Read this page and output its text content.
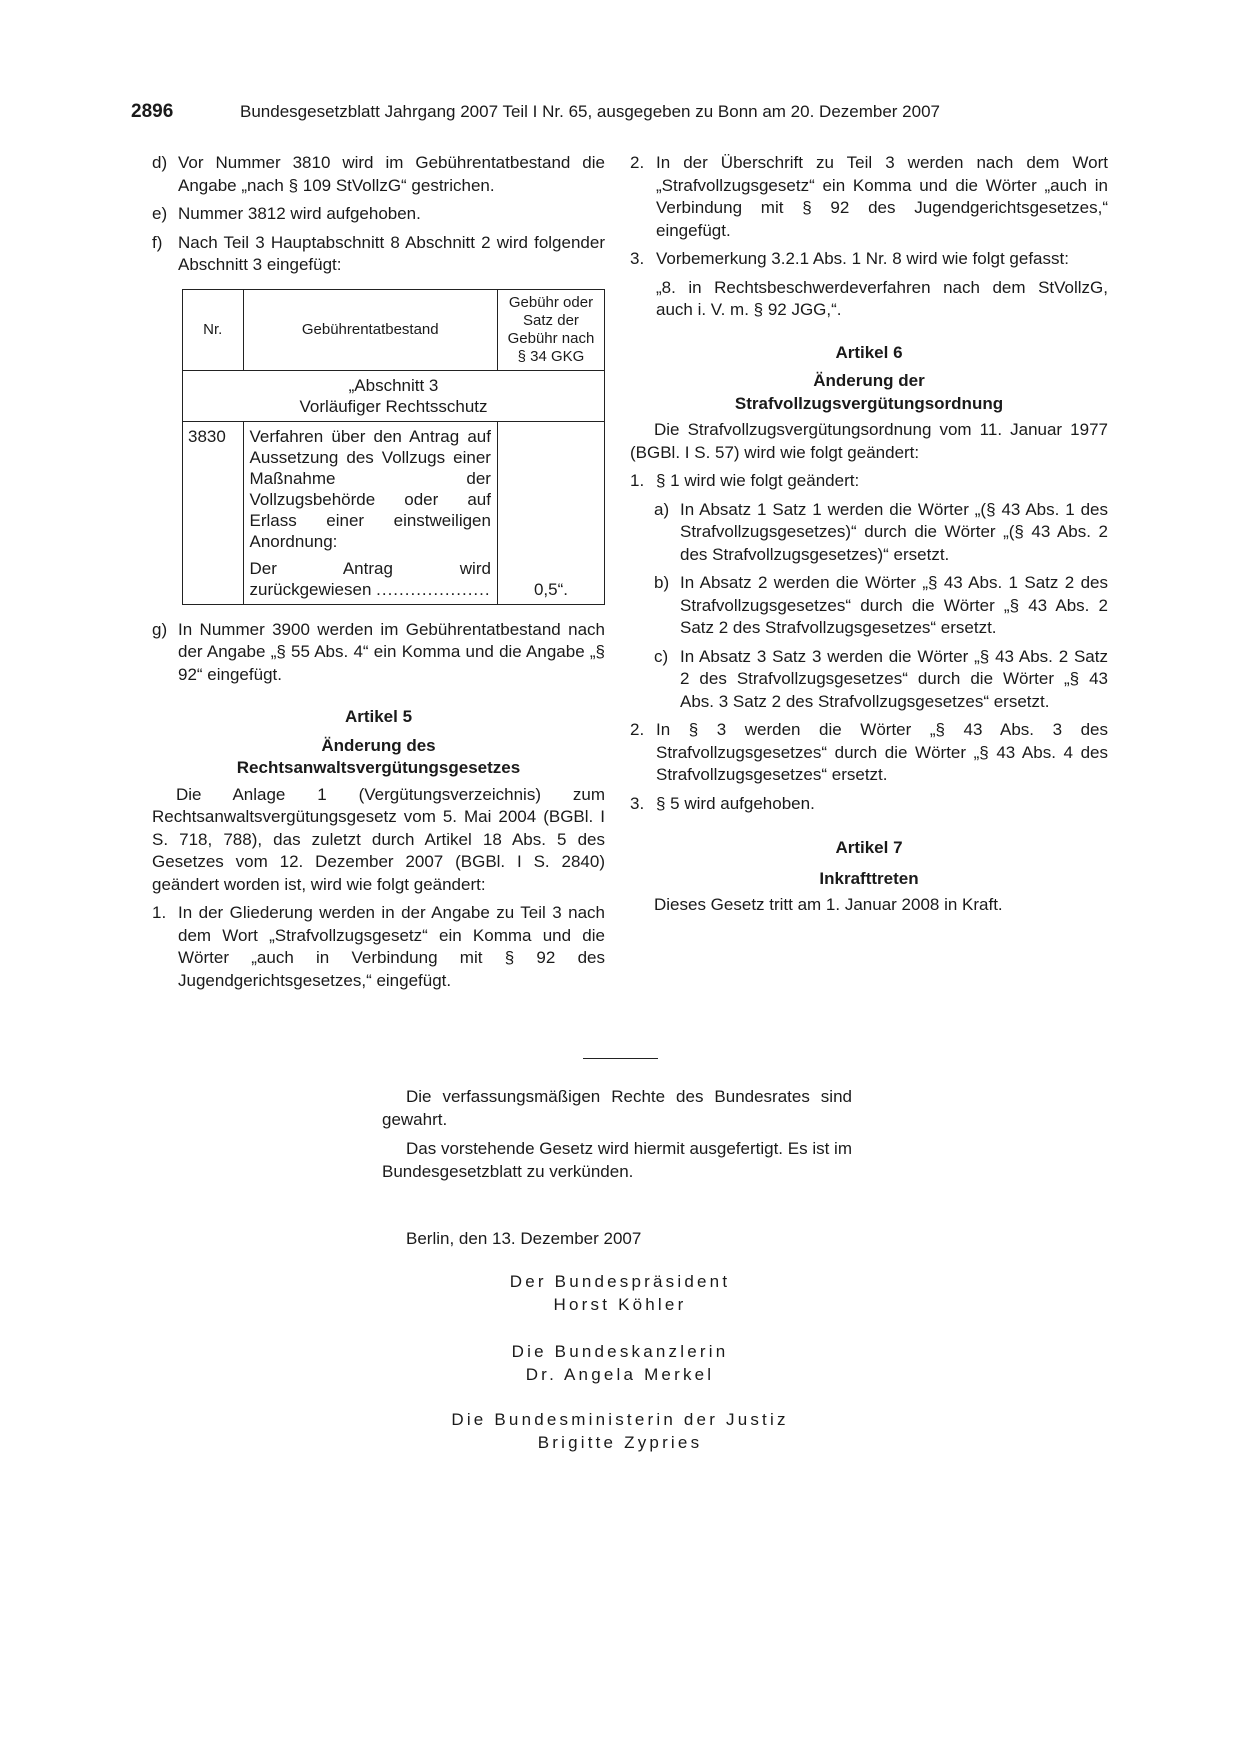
2896	Bundesgesetzblatt Jahrgang 2007 Teil I Nr. 65, ausgegeben zu Bonn am 20. Dezember 2007
d) Vor Nummer 3810 wird im Gebührentatbestand die Angabe „nach § 109 StVollzG“ gestrichen.
e) Nummer 3812 wird aufgehoben.
f) Nach Teil 3 Hauptabschnitt 8 Abschnitt 2 wird folgender Abschnitt 3 eingefügt:
Nr.	Gebührentatbestand	Gebühr oder Satz der Gebühr nach § 34 GKG

„Abschnitt 3
Vorläufiger Rechtsschutz		

3830	Verfahren über den Antrag auf Aussetzung des Vollzugs einer Maßnahme der Vollzugsbehörde oder auf Erlass einer einstweiligen Anordnung:
Der Antrag wird zurückgewiesen ....................	0,5“.
g) In Nummer 3900 werden im Gebührentatbestand nach der Angabe „§ 55 Abs. 4“ ein Komma und die Angabe „§ 92“ eingefügt.
Artikel 5
Änderung des
Rechtsanwaltsvergütungsgesetzes
Die Anlage 1 (Vergütungsverzeichnis) zum Rechtsanwaltsvergütungsgesetz vom 5. Mai 2004 (BGBl. I S. 718, 788), das zuletzt durch Artikel 18 Abs. 5 des Gesetzes vom 12. Dezember 2007 (BGBl. I S. 2840) geändert worden ist, wird wie folgt geändert:
1. In der Gliederung werden in der Angabe zu Teil 3 nach dem Wort „Strafvollzugsgesetz“ ein Komma und die Wörter „auch in Verbindung mit § 92 des Jugendgerichtsgesetzes,“ eingefügt.
2. In der Überschrift zu Teil 3 werden nach dem Wort „Strafvollzugsgesetz“ ein Komma und die Wörter „auch in Verbindung mit § 92 des Jugendgerichtsgesetzes,“ eingefügt.
3. Vorbemerkung 3.2.1 Abs. 1 Nr. 8 wird wie folgt gefasst:
„8. in Rechtsbeschwerdeverfahren nach dem StVollzG, auch i. V. m. § 92 JGG,“.
Artikel 6
Änderung der
Strafvollzugsvergütungsordnung
Die Strafvollzugsvergütungsordnung vom 11. Januar 1977 (BGBl. I S. 57) wird wie folgt geändert:
1. § 1 wird wie folgt geändert:
a) In Absatz 1 Satz 1 werden die Wörter „(§ 43 Abs. 1 des Strafvollzugsgesetzes)“ durch die Wörter „(§ 43 Abs. 2 des Strafvollzugsgesetzes)“ ersetzt.
b) In Absatz 2 werden die Wörter „§ 43 Abs. 1 Satz 2 des Strafvollzugsgesetzes“ durch die Wörter „§ 43 Abs. 2 Satz 2 des Strafvollzugsgesetzes“ ersetzt.
c) In Absatz 3 Satz 3 werden die Wörter „§ 43 Abs. 2 Satz 2 des Strafvollzugsgesetzes“ durch die Wörter „§ 43 Abs. 3 Satz 2 des Strafvollzugsgesetzes“ ersetzt.
2. In § 3 werden die Wörter „§ 43 Abs. 3 des Strafvollzugsgesetzes“ durch die Wörter „§ 43 Abs. 4 des Strafvollzugsgesetzes“ ersetzt.
3. § 5 wird aufgehoben.
Artikel 7
Inkrafttreten
Dieses Gesetz tritt am 1. Januar 2008 in Kraft.
Die verfassungsmäßigen Rechte des Bundesrates sind gewahrt.
Das vorstehende Gesetz wird hiermit ausgefertigt. Es ist im Bundesgesetzblatt zu verkünden.
Berlin, den 13. Dezember 2007
Der Bundespräsident
Horst Köhler
Die Bundeskanzlerin
Dr. Angela Merkel
Die Bundesministerin der Justiz
Brigitte Zypries
